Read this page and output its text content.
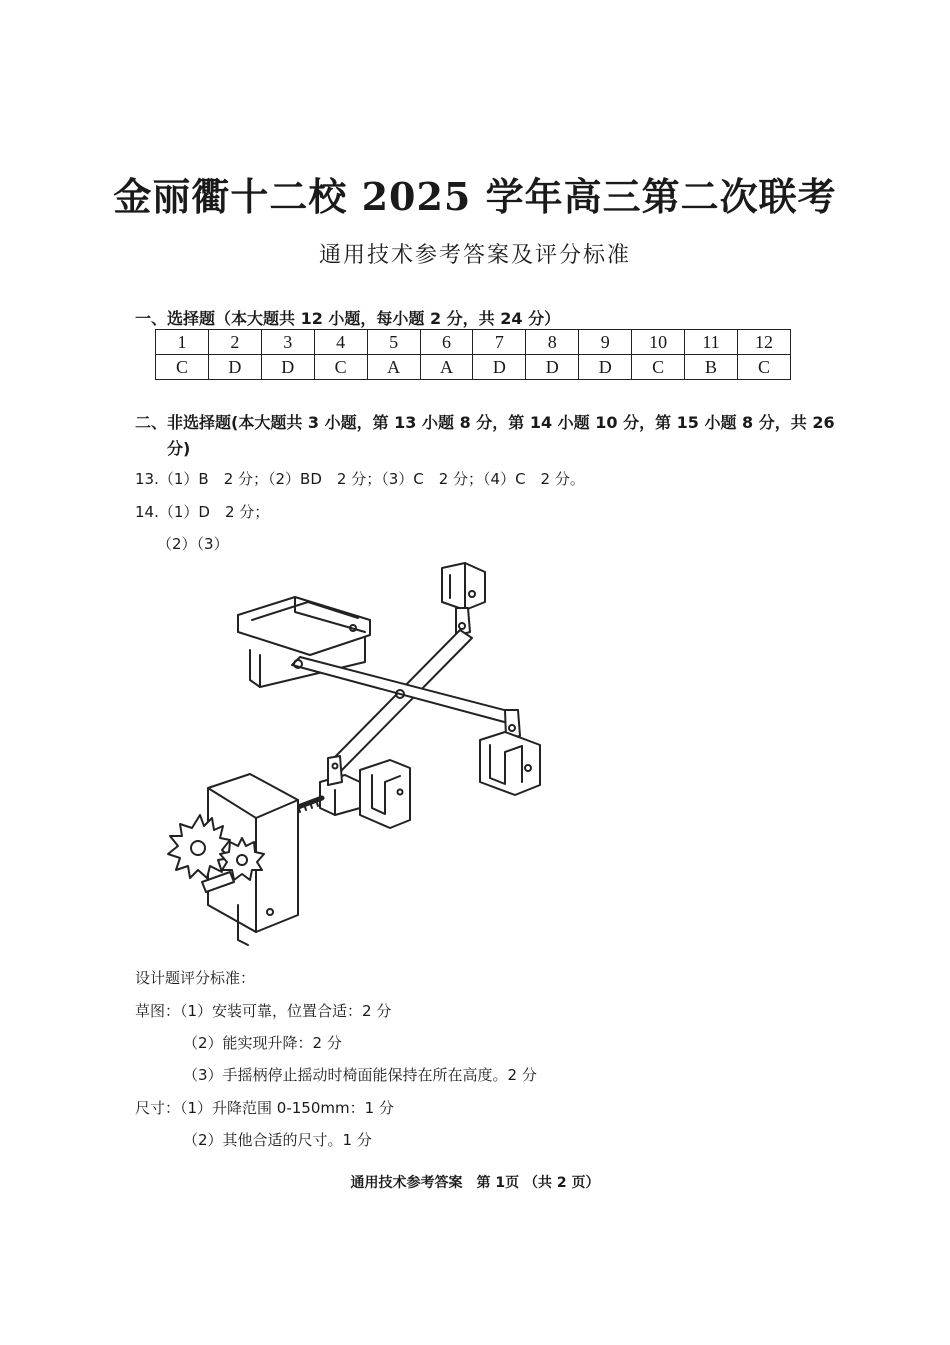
金丽衢十二校 2025 学年高三第二次联考
通用技术参考答案及评分标准
一、选择题（本大题共 12 小题，每小题 2 分，共 24 分）
1	2	3	4	5	6	7	8	9	10	11	12
C	D	D	C	A	A	D	D	D	C	B	C
二、非选择题(本大题共 3 小题，第 13 小题 8 分，第 14 小题 10 分，第 15 小题 8 分，共 26
分)
13.（1）B　2 分；（2）BD　2 分；（3）C　2 分；（4）C　2 分。
14.（1）D　2 分；
（2）（3）
设计题评分标准：
草图：（1）安装可靠，位置合适：2 分
（2）能实现升降：2 分
（3）手摇柄停止摇动时椅面能保持在所在高度。2 分
尺寸：（1）升降范围 0-150mm：1 分
（2）其他合适的尺寸。1 分
通用技术参考答案　第 1页 （共 2 页）
